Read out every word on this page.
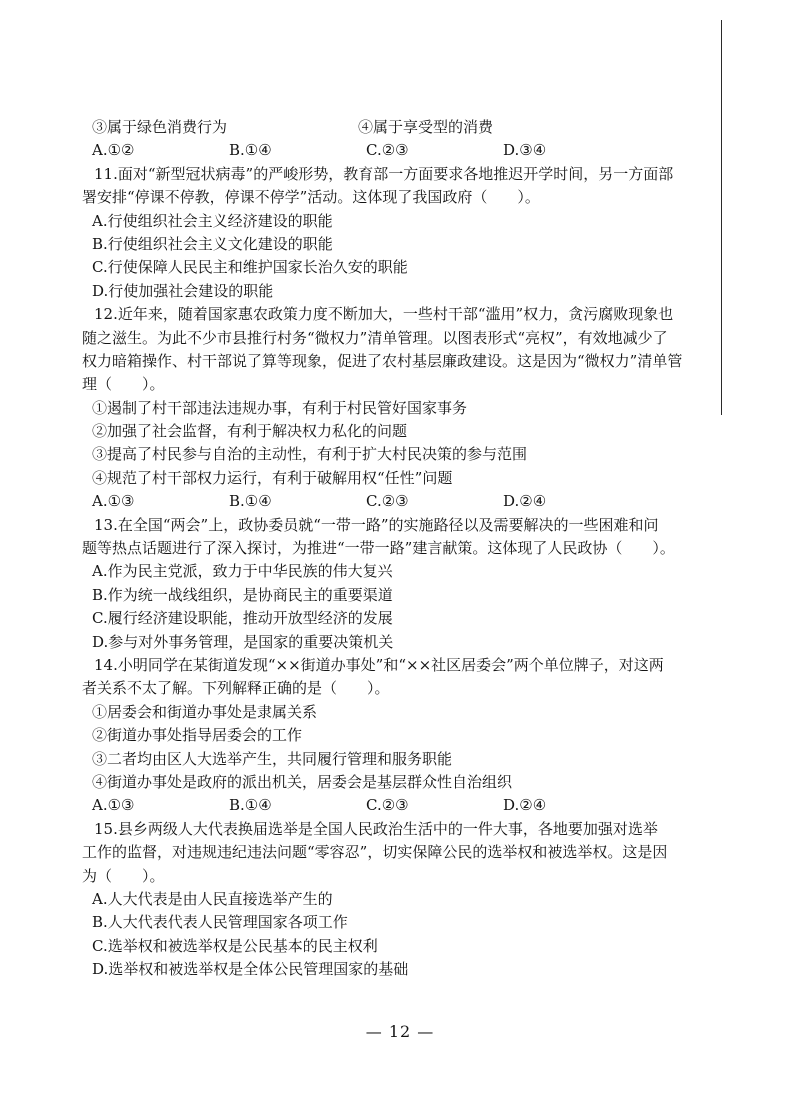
③属于绿色消费行为	④属于享受型的消费
A.①②	B.①④	C.②③	D.③④
11.面对“新型冠状病毒”的严峻形势，教育部一方面要求各地推迟开学时间，另一方面部
署安排“停课不停教，停课不停学”活动。这体现了我国政府（　　）。
A.行使组织社会主义经济建设的职能
B.行使组织社会主义文化建设的职能
C.行使保障人民民主和维护国家长治久安的职能
D.行使加强社会建设的职能
12.近年来，随着国家惠农政策力度不断加大，一些村干部“滥用”权力，贪污腐败现象也
随之滋生。为此不少市县推行村务“微权力”清单管理。以图表形式“亮权”，有效地减少了
权力暗箱操作、村干部说了算等现象，促进了农村基层廉政建设。这是因为“微权力”清单管
理（　　）。
①遏制了村干部违法违规办事，有利于村民管好国家事务
②加强了社会监督，有利于解决权力私化的问题
③提高了村民参与自治的主动性，有利于扩大村民决策的参与范围
④规范了村干部权力运行，有利于破解用权“任性”问题
A.①③	B.①④	C.②③	D.②④
13.在全国“两会”上，政协委员就“一带一路”的实施路径以及需要解决的一些困难和问
题等热点话题进行了深入探讨，为推进“一带一路”建言献策。这体现了人民政协（　　）。
A.作为民主党派，致力于中华民族的伟大复兴
B.作为统一战线组织，是协商民主的重要渠道
C.履行经济建设职能，推动开放型经济的发展
D.参与对外事务管理，是国家的重要决策机关
14.小明同学在某街道发现“××街道办事处”和“××社区居委会”两个单位牌子，对这两
者关系不太了解。下列解释正确的是（　　）。
①居委会和街道办事处是隶属关系
②街道办事处指导居委会的工作
③二者均由区人大选举产生，共同履行管理和服务职能
④街道办事处是政府的派出机关，居委会是基层群众性自治组织
A.①③	B.①④	C.②③	D.②④
15.县乡两级人大代表换届选举是全国人民政治生活中的一件大事，各地要加强对选举
工作的监督，对违规违纪违法问题“零容忍”，切实保障公民的选举权和被选举权。这是因
为（　　）。
A.人大代表是由人民直接选举产生的
B.人大代表代表人民管理国家各项工作
C.选举权和被选举权是公民基本的民主权利
D.选举权和被选举权是全体公民管理国家的基础
— 12 —
